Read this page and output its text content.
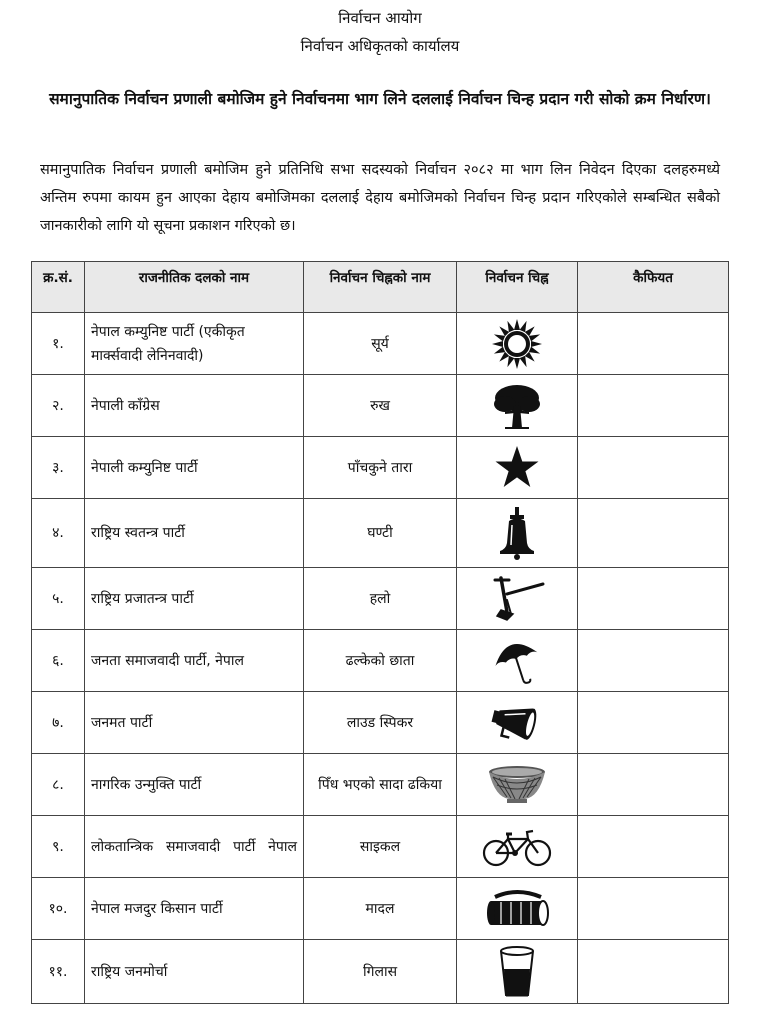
निर्वाचन आयोग
निर्वाचन अधिकृतको कार्यालय
समानुपातिक निर्वाचन प्रणाली बमोजिम हुने निर्वाचनमा भाग लिने दललाई निर्वाचन चिन्ह प्रदान गरी सोको क्रम निर्धारण।
समानुपातिक निर्वाचन प्रणाली बमोजिम हुने प्रतिनिधि सभा सदस्यको निर्वाचन २०८२ मा भाग लिन निवेदन दिएका दलहरुमध्ये अन्तिम रुपमा कायम हुन आएका देहाय बमोजिमका दललाई देहाय बमोजिमको निर्वाचन चिन्ह प्रदान गरिएकोले सम्बन्धित सबैको जानकारीको लागि यो सूचना प्रकाशन गरिएको छ।
क्र.सं.	राजनीतिक दलको नाम	निर्वाचन चिह्नको नाम	निर्वाचन चिह्न	कैफियत
१.	नेपाल कम्युनिष्ट पार्टी (एकीकृत मार्क्सवादी लेनिनवादी)	सूर्य	

२.	नेपाली काँग्रेस	रुख	

३.	नेपाली कम्युनिष्ट पार्टी	पाँचकुने तारा	

४.	राष्ट्रिय स्वतन्त्र पार्टी	घण्टी	

५.	राष्ट्रिय प्रजातन्त्र पार्टी	हलो	

६.	जनता समाजवादी पार्टी, नेपाल	ढल्केको छाता	

७.	जनमत पार्टी	लाउड स्पिकर	

८.	नागरिक उन्मुक्ति पार्टी	पिँध भएको सादा ढकिया	

९.	लोकतान्त्रिक समाजवादी पार्टी नेपाल	साइकल	

१०.	नेपाल मजदुर किसान पार्टी	मादल	

११.	राष्ट्रिय जनमोर्चा	गिलास	
